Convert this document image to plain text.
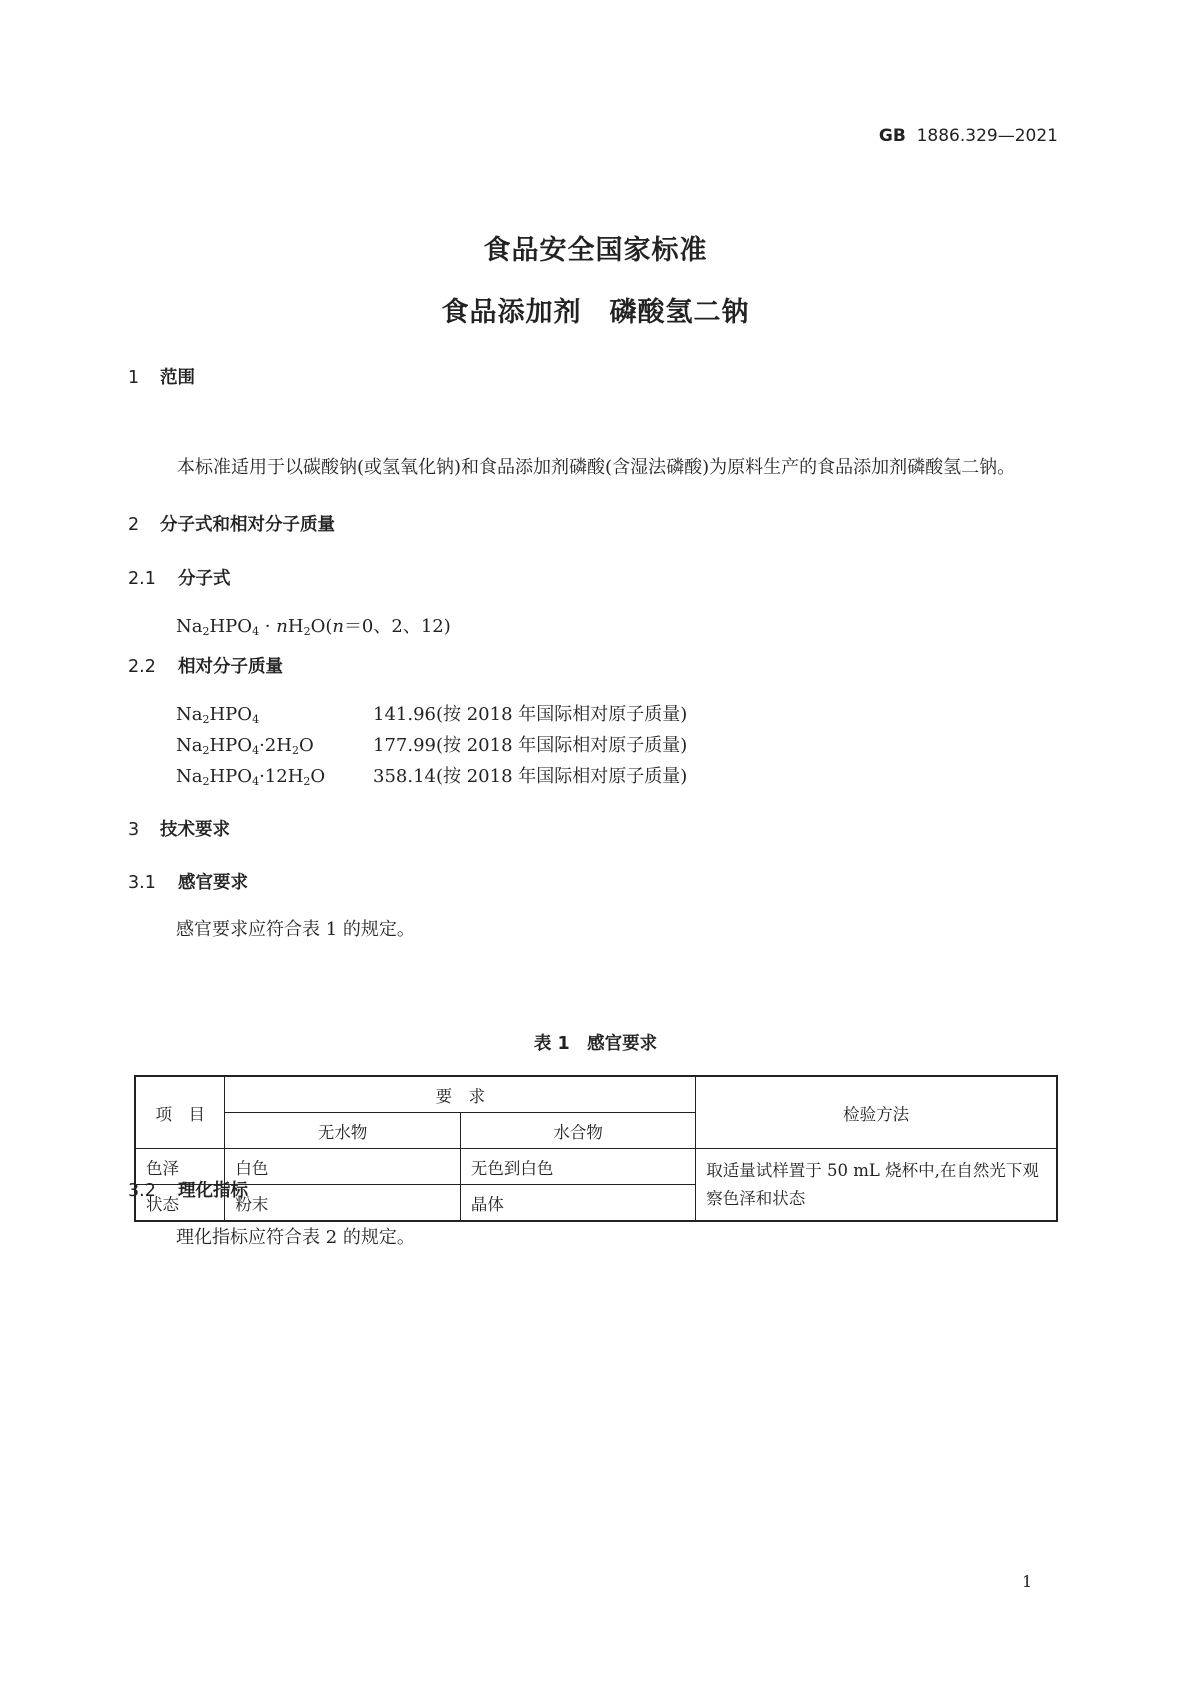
GB 1886.329—2021
食品安全国家标准
食品添加剂　磷酸氢二钠
1 范围
本标准适用于以碳酸钠(或氢氧化钠)和食品添加剂磷酸(含湿法磷酸)为原料生产的食品添加剂磷酸氢二钠。
2 分子式和相对分子质量
2.1 分子式
$Na_2HPO_4 \cdot nH_2O(n=0$、2、12)
2.2 相对分子质量
$Na_2HPO_4$	141.96(按 2018 年国际相对原子质量)
$Na_2HPO_4\cdot 2H_2O$	177.99(按 2018 年国际相对原子质量)
$Na_2HPO_4\cdot 12H_2O$	358.14(按 2018 年国际相对原子质量)
3 技术要求
3.1 感官要求
感官要求应符合表 1 的规定。
表 1　感官要求
项　目	要　求		检验方法
	无水物	水合物	
色泽	白色	无色到白色	取适量试样置于 50 mL 烧杯中,在自然光下观察色泽和状态
状态	粉末	晶体	
3.2 理化指标
理化指标应符合表 2 的规定。
1
